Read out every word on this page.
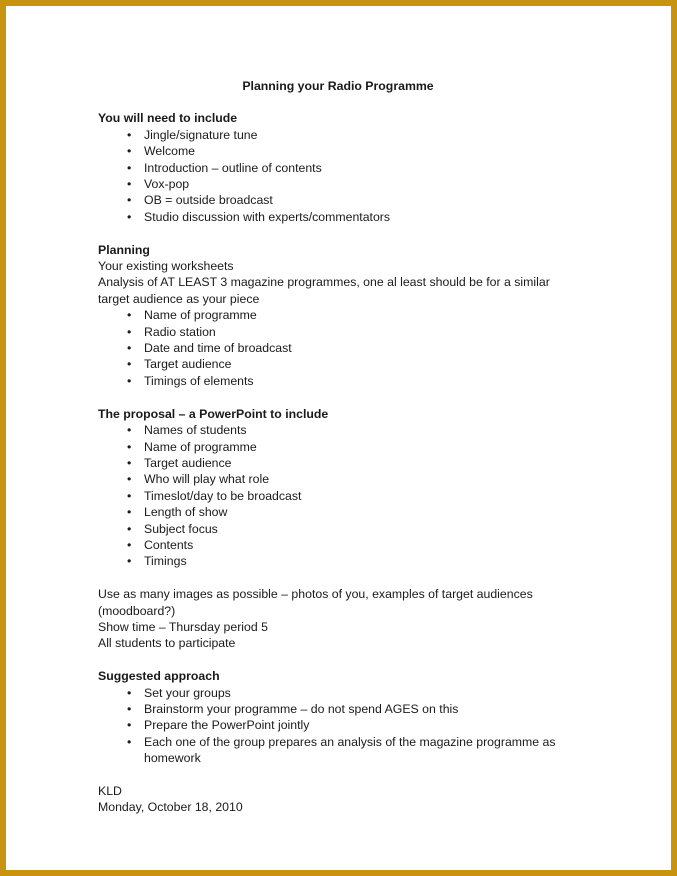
Planning your Radio Programme
You will need to include
• Jingle/signature tune
• Welcome
• Introduction – outline of contents
• Vox-pop
• OB = outside broadcast
• Studio discussion with experts/commentators
Planning
Your existing worksheets
Analysis of AT LEAST 3 magazine programmes, one al least should be for a similar target audience as your piece
• Name of programme
• Radio station
• Date and time of broadcast
• Target audience
• Timings of elements
The proposal – a PowerPoint to include
• Names of students
• Name of programme
• Target audience
• Who will play what role
• Timeslot/day to be broadcast
• Length of show
• Subject focus
• Contents
• Timings
Use as many images as possible – photos of you, examples of target audiences (moodboard?)
Show time – Thursday period 5
All students to participate
Suggested approach
• Set your groups
• Brainstorm your programme – do not spend AGES on this
• Prepare the PowerPoint jointly
• Each one of the group prepares an analysis of the magazine programme as homework
KLD
Monday, October 18, 2010
